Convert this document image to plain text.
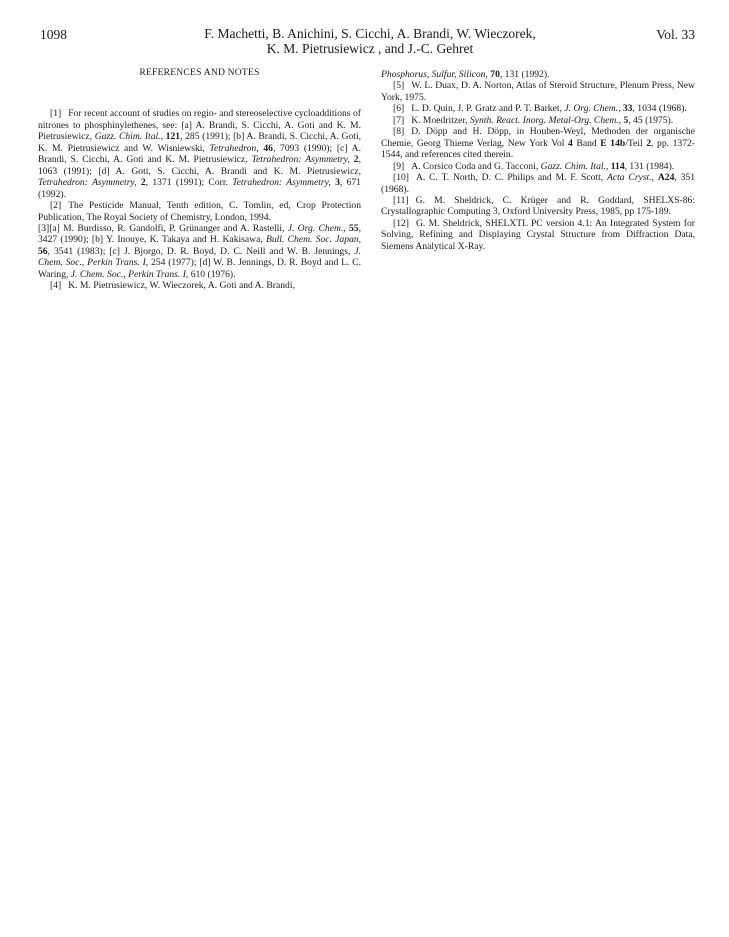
1098	F. Machetti, B. Anichini, S. Cicchi, A. Brandi, W. Wieczorek,
K. M. Pietrusiewicz , and J.-C. Gehret
Vol. 33
REFERENCES AND NOTES

[1] For recent account of studies on regio- and stereoselective cycloadditions of nitrones to phosphinylethenes, see: [a] A. Brandi, S. Cicchi, A. Goti and K. M. Pietrusiewicz, Gazz. Chim. Ital., 121, 285 (1991); [b] A. Brandi, S. Cicchi, A. Goti, K. M. Pietrusiewicz and W. Wisniewski, Tetrahedron, 46, 7093 (1990); [c] A. Brandi, S. Cicchi, A. Goti and K. M. Pietrusiewicz, Tetrahedron: Asymmetry, 2, 1063 (1991); [d] A. Goti, S. Cicchi, A. Brandi and K. M. Pietrusiewicz, Tetrahedron: Asymmetry, 2, 1371 (1991); Corr. Tetrahedron: Asymmetry, 3, 671 (1992).

[2] The Pesticide Manual, Tenth edition, C. Tomlin, ed, Crop Protection Publication, The Royal Society of Chemistry, London, 1994.

[3][a] M. Burdisso, R. Gandolfi, P. Grünanger and A. Rastelli, J. Org. Chem., 55, 3427 (1990); [b] Y. Inouye, K. Takaya and H. Kakisawa, Bull. Chem. Soc. Japan, 56, 3541 (1983); [c] J. Bjorgo, D. R. Boyd, D. C. Neill and W. B. Jennings, J. Chem. Soc., Perkin Trans. I, 254 (1977); [d] W. B. Jennings, D. R. Boyd and L. C. Waring, J. Chem. Soc., Perkin Trans. I, 610 (1976).

[4] K. M. Pietrusiewicz, W. Wieczorek, A. Goti and A. Brandi,

Phosphorus, Sulfur, Silicon, 70, 131 (1992).

[5] W. L. Duax, D. A. Norton, Atlas of Steroid Structure, Plenum Press, New York, 1975.

[6] L. D. Quin, J. P. Gratz and P. T. Barket, J. Org. Chem., 33, 1034 (1968).

[7] K. Moedritzer, Synth. React. Inorg. Metal-Org. Chem., 5, 45 (1975).

[8] D. Döpp and H. Döpp, in Houben-Weyl, Methoden der organische Chemie, Georg Thieme Verlag, New York Vol 4 Band E 14b/Teil 2, pp. 1372-1544, and references cited therein.

[9] A. Corsico Coda and G. Tacconi, Gazz. Chim. Ital., 114, 131 (1984).

[10] A. C. T. North, D. C. Philips and M. F. Scott, Acta Cryst., A24, 351 (1968).

[11] G. M. Sheldrick, C. Krüger and R. Goddard, SHELXS-86: Crystallographic Computing 3, Oxford University Press, 1985, pp 175-189.

[12] G. M. Sheldrick, SHELXTL PC version 4.1: An Integrated System for Solving, Refining and Displaying Crystal Structure from Diffraction Data, Siemens Analytical X-Ray.
